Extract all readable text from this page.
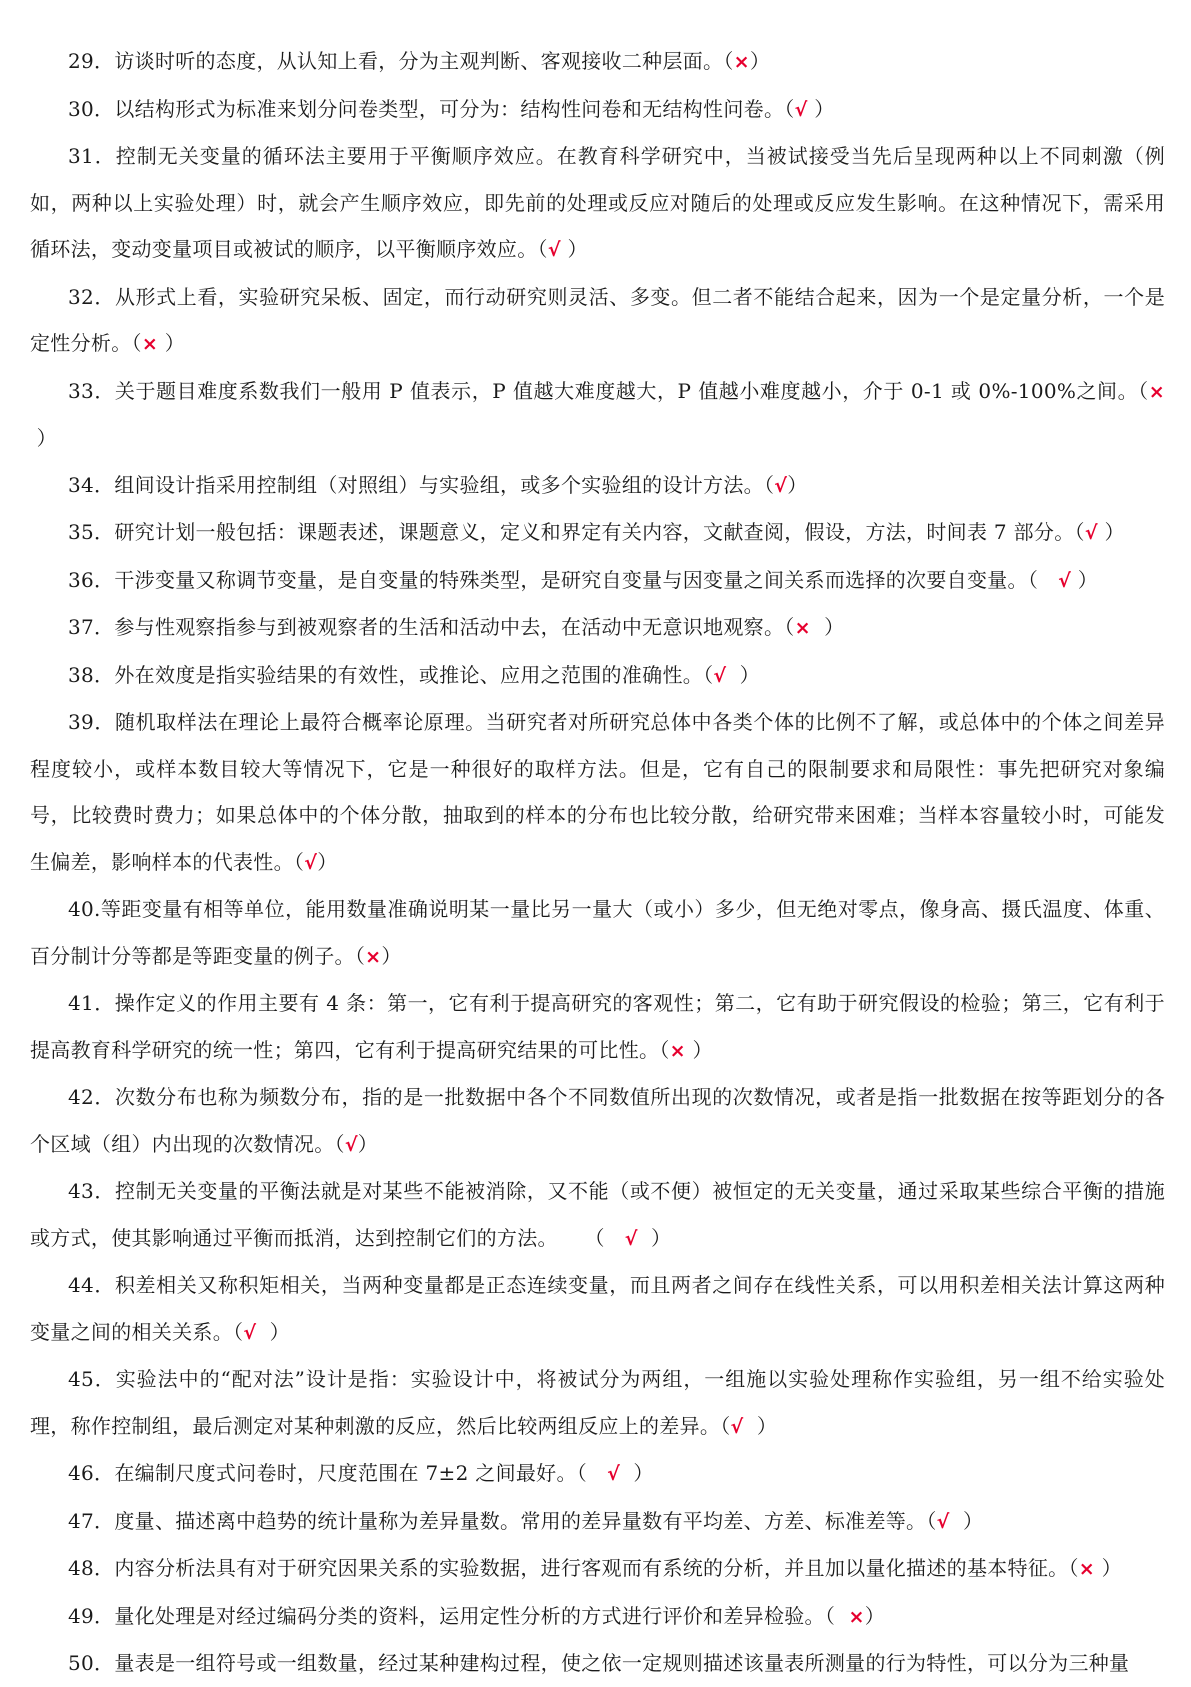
29．访谈时听的态度，从认知上看，分为主观判断、客观接收二种层面。（×）
30．以结构形式为标准来划分问卷类型，可分为：结构性问卷和无结构性问卷。（√ ）
31．控制无关变量的循环法主要用于平衡顺序效应。在教育科学研究中，当被试接受当先后呈现两种以上不同刺激（例如，两种以上实验处理）时，就会产生顺序效应，即先前的处理或反应对随后的处理或反应发生影响。在这种情况下，需采用循环法，变动变量项目或被试的顺序，以平衡顺序效应。（√ ）
32．从形式上看，实验研究呆板、固定，而行动研究则灵活、多变。但二者不能结合起来，因为一个是定量分析，一个是定性分析。（× ）
33．关于题目难度系数我们一般用 P 值表示，P 值越大难度越大，P 值越小难度越小，介于 0-1 或 0%-100%之间。（× ）
34．组间设计指采用控制组（对照组）与实验组，或多个实验组的设计方法。（√）
35．研究计划一般包括：课题表述，课题意义，定义和界定有关内容，文献查阅，假设，方法，时间表 7 部分。（√ ）
36．干涉变量又称调节变量，是自变量的特殊类型，是研究自变量与因变量之间关系而选择的次要自变量。（   √ ）
37．参与性观察指参与到被观察者的生活和活动中去，在活动中无意识地观察。（×  ）
38．外在效度是指实验结果的有效性，或推论、应用之范围的准确性。（√  ）
39．随机取样法在理论上最符合概率论原理。当研究者对所研究总体中各类个体的比例不了解，或总体中的个体之间差异程度较小，或样本数目较大等情况下，它是一种很好的取样方法。但是，它有自己的限制要求和局限性：事先把研究对象编号，比较费时费力；如果总体中的个体分散，抽取到的样本的分布也比较分散，给研究带来困难；当样本容量较小时，可能发生偏差，影响样本的代表性。（√）
40.等距变量有相等单位，能用数量准确说明某一量比另一量大（或小）多少，但无绝对零点，像身高、摄氏温度、体重、百分制计分等都是等距变量的例子。（×）
41．操作定义的作用主要有 4 条：第一，它有利于提高研究的客观性；第二，它有助于研究假设的检验；第三，它有利于提高教育科学研究的统一性；第四，它有利于提高研究结果的可比性。（× ）
42．次数分布也称为频数分布，指的是一批数据中各个不同数值所出现的次数情况，或者是指一批数据在按等距划分的各个区域（组）内出现的次数情况。（√）
43．控制无关变量的平衡法就是对某些不能被消除，又不能（或不便）被恒定的无关变量，通过采取某些综合平衡的措施或方式，使其影响通过平衡而抵消，达到控制它们的方法。    （   √  ）
44．积差相关又称积矩相关，当两种变量都是正态连续变量，而且两者之间存在线性关系，可以用积差相关法计算这两种变量之间的相关关系。（√  ）
45．实验法中的“配对法”设计是指：实验设计中，将被试分为两组，一组施以实验处理称作实验组，另一组不给实验处理，称作控制组，最后测定对某种刺激的反应，然后比较两组反应上的差异。（√  ）
46．在编制尺度式问卷时，尺度范围在 7±2 之间最好。（   √  ）
47．度量、描述离中趋势的统计量称为差异量数。常用的差异量数有平均差、方差、标准差等。（√  ）
48．内容分析法具有对于研究因果关系的实验数据，进行客观而有系统的分析，并且加以量化描述的基本特征。（× ）
49．量化处理是对经过编码分类的资料，运用定性分析的方式进行评价和差异检验。（  ×）
50．量表是一组符号或一组数量，经过某种建构过程，使之依一定规则描述该量表所测量的行为特性，可以分为三种量
